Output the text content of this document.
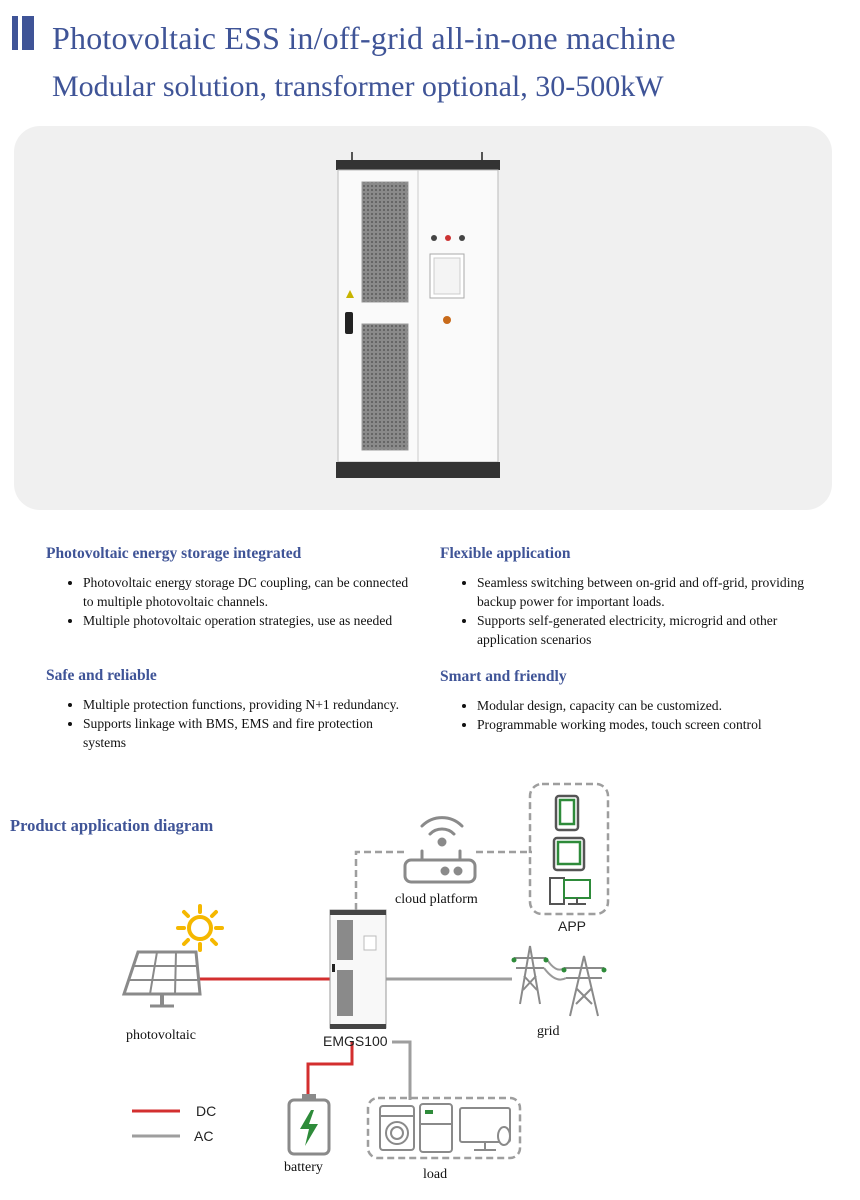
Photovoltaic ESS in/off-grid all-in-one machine
Modular solution, transformer optional, 30-500kW
Photovoltaic energy storage integrated
• Photovoltaic energy storage DC coupling, can be connected to multiple photovoltaic channels.
• Multiple photovoltaic operation strategies, use as needed
Flexible application
• Seamless switching between on-grid and off-grid, providing backup power for important loads.
• Supports self-generated electricity, microgrid and other application scenarios
Safe and reliable
• Multiple protection functions, providing N+1 redundancy.
• Supports linkage with BMS, EMS and fire protection systems
Smart and friendly
• Modular design, capacity can be customized.
• Programmable working modes, touch screen control
Product application diagram
cloud platform
APP
photovoltaic	EMGS100
grid
battery	load
DC
AC
